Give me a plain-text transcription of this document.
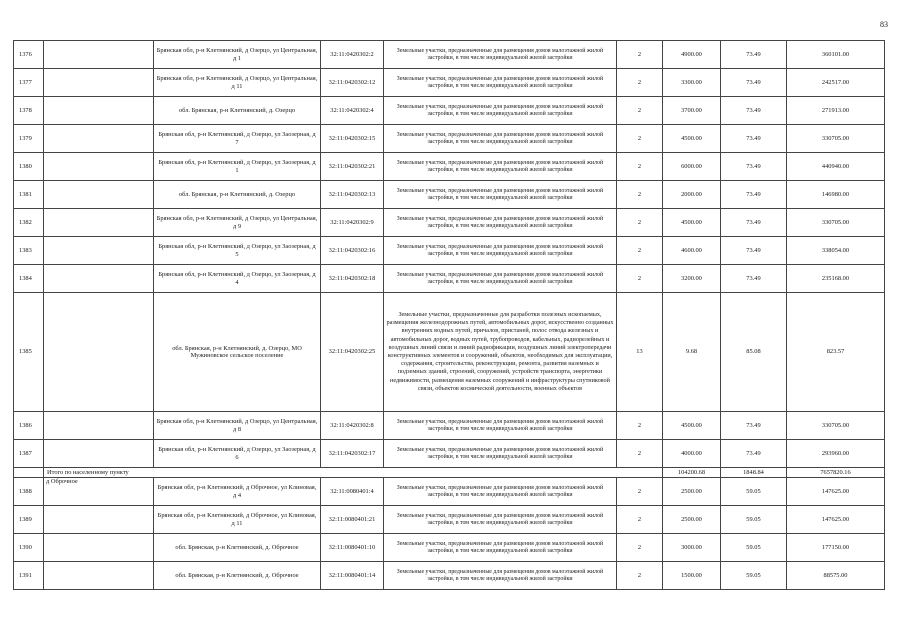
83
1376		Брянская обл, р-н Клетнянский, д Озерцо, ул Центральная, д 1	32:11:0420302:2	Земельные участки, предназначенные для размещения домов малоэтажной жилой застройки, в том числе индивидуальной жилой застройки	2	4900.00	73.49	360101.00
1377		Брянская обл, р-н Клетнянский, д Озерцо, ул Центральная, д 11	32:11:0420302:12	Земельные участки, предназначенные для размещения домов малоэтажной жилой застройки, в том числе индивидуальной жилой застройки	2	3300.00	73.49	242517.00
1378		обл. Брянская, р-н Клетнянский, д. Озерцо	32:11:0420302:4	Земельные участки, предназначенные для размещения домов малоэтажной жилой застройки, в том числе индивидуальной жилой застройки	2	3700.00	73.49	271913.00
1379		Брянская обл, р-н Клетнянский, д Озерцо, ул Заозерная, д 7	32:11:0420302:15	Земельные участки, предназначенные для размещения домов малоэтажной жилой застройки, в том числе индивидуальной жилой застройки	2	4500.00	73.49	330705.00
1380		Брянская обл, р-н Клетнянский, д Озерцо, ул Заозерная, д 1	32:11:0420302:21	Земельные участки, предназначенные для размещения домов малоэтажной жилой застройки, в том числе индивидуальной жилой застройки	2	6000.00	73.49	440940.00
1381		обл. Брянская, р-н Клетнянский, д. Озерцо	32:11:0420302:13	Земельные участки, предназначенные для размещения домов малоэтажной жилой застройки, в том числе индивидуальной жилой застройки	2	2000.00	73.49	146980.00
1382		Брянская обл, р-н Клетнянский, д Озерцо, ул Центральная, д 9	32:11:0420302:9	Земельные участки, предназначенные для размещения домов малоэтажной жилой застройки, в том числе индивидуальной жилой застройки	2	4500.00	73.49	330705.00
1383		Брянская обл, р-н Клетнянский, д Озерцо, ул Заозерная, д 5	32:11:0420302:16	Земельные участки, предназначенные для размещения домов малоэтажной жилой застройки, в том числе индивидуальной жилой застройки	2	4600.00	73.49	338054.00
1384		Брянская обл, р-н Клетнянский, д Озерцо, ул Заозерная, д 4	32:11:0420302:18	Земельные участки, предназначенные для размещения домов малоэтажной жилой застройки, в том числе индивидуальной жилой застройки	2	3200.00	73.49	235168.00
1385		обл. Брянская, р-н Клетнянский, д. Озерцо, МО Мужиновское сельское поселение	32:11:0420302:25	Земельные участки, предназначенные для разработки полезных ископаемых, размещения железнодорожных путей, автомобильных дорог, искусственно созданных внутренних водных путей, причалов, пристаней, полос отвода железных и автомобильных дорог, водных путей, трубопроводов, кабельных, радиорелейных и воздушных линий связи и линий радиофикации, воздушных линий электропередачи конструктивных элементов и сооружений, объектов, необходимых для эксплуатации, содержания, строительства, реконструкции, ремонта, развития наземных и подземных зданий, строений, сооружений, устройств транспорта, энергетики недвижимости, размещения наземных сооружений и инфраструктуры спутниковой связи, объектов космической деятельности, военных объектов	13	9.68	85.08	823.57
1386		Брянская обл, р-н Клетнянский, д Озерцо, ул Центральная, д 8	32:11:0420302:8	Земельные участки, предназначенные для размещения домов малоэтажной жилой застройки, в том числе индивидуальной жилой застройки	2	4500.00	73.49	330705.00
1387		Брянская обл, р-н Клетнянский, д Озерцо, ул Заозерная, д 6	32:11:0420302:17	Земельные участки, предназначенные для размещения домов малоэтажной жилой застройки, в том числе индивидуальной жилой застройки	2	4000.00	73.49	293960.00
	Итого по населенному пункту					104200.68	1848.84	7657820.16
1388	д Оброчное	Брянская обл, р-н Клетнянский, д Оброчное, ул Клиновая, д 4	32:11:0080401:4	Земельные участки, предназначенные для размещения домов малоэтажной жилой застройки, в том числе индивидуальной жилой застройки	2	2500.00	59.05	147625.00
1389		Брянская обл, р-н Клетнянский, д Оброчное, ул Клиновая, д 11	32:11:0080401:21	Земельные участки, предназначенные для размещения домов малоэтажной жилой застройки, в том числе индивидуальной жилой застройки	2	2500.00	59.05	147625.00
1390		обл. Брянская, р-н Клетнянский, д. Оброчное	32:11:0080401:10	Земельные участки, предназначенные для размещения домов малоэтажной жилой застройки, в том числе индивидуальной жилой застройки	2	3000.00	59.05	177150.00
1391		обл. Брянская, р-н Клетнянский, д. Оброчное	32:11:0080401:14	Земельные участки, предназначенные для размещения домов малоэтажной жилой застройки, в том числе индивидуальной жилой застройки	2	1500.00	59.05	88575.00
